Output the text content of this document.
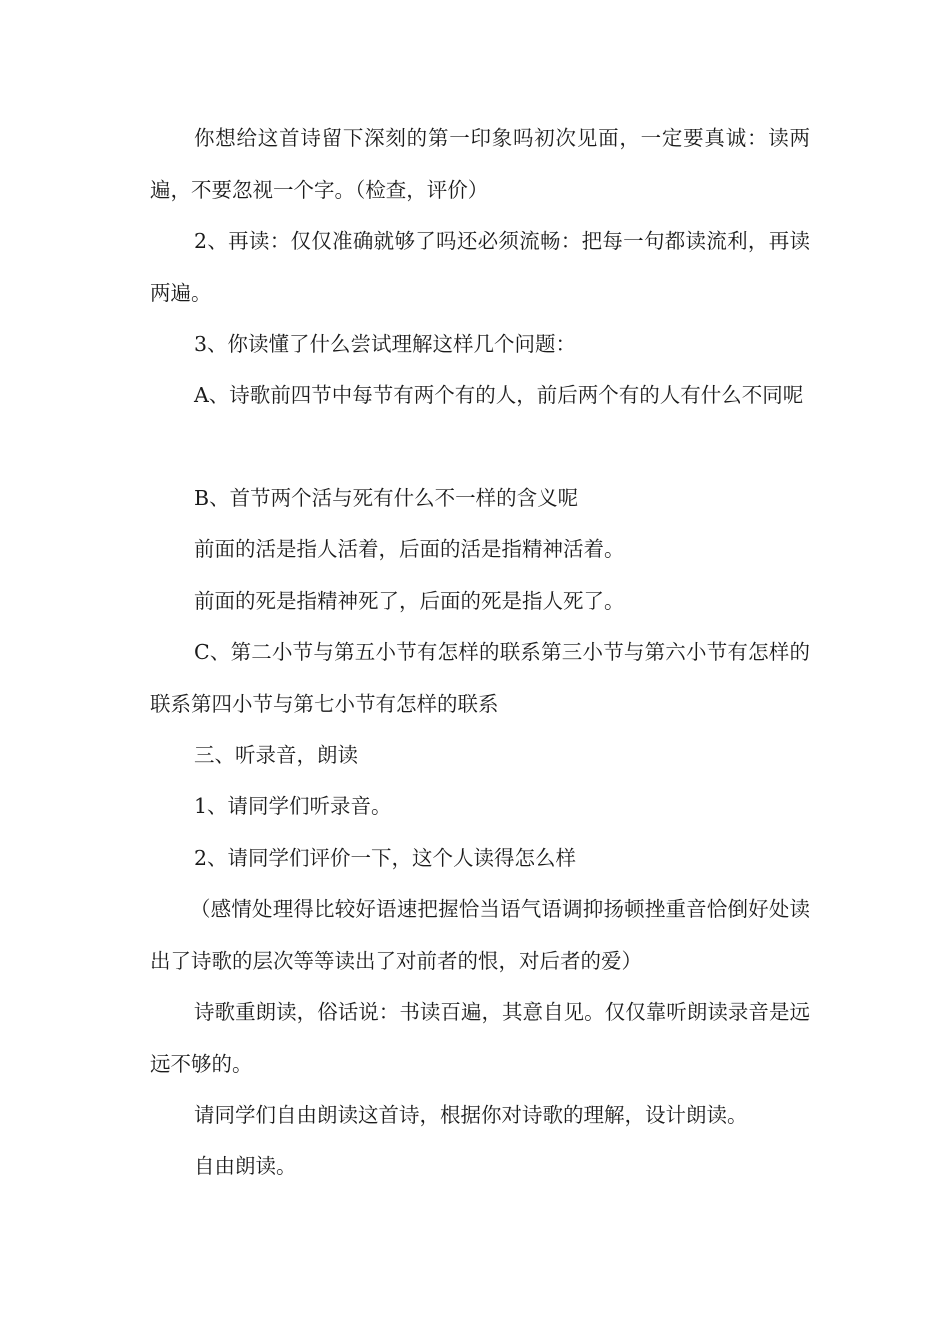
你想给这首诗留下深刻的第一印象吗初次见面，一定要真诚：读两遍，不要忽视一个字。（检查，评价）

2、再读：仅仅准确就够了吗还必须流畅：把每一句都读流利，再读两遍。

3、你读懂了什么尝试理解这样几个问题：

A、诗歌前四节中每节有两个有的人，前后两个有的人有什么不同呢

B、首节两个活与死有什么不一样的含义呢

前面的活是指人活着，后面的活是指精神活着。

前面的死是指精神死了，后面的死是指人死了。

C、第二小节与第五小节有怎样的联系第三小节与第六小节有怎样的联系第四小节与第七小节有怎样的联系

三、听录音，朗读

1、请同学们听录音。

2、请同学们评价一下，这个人读得怎么样

（感情处理得比较好语速把握恰当语气语调抑扬顿挫重音恰倒好处读出了诗歌的层次等等读出了对前者的恨，对后者的爱）

诗歌重朗读，俗话说：书读百遍，其意自见。仅仅靠听朗读录音是远远不够的。

请同学们自由朗读这首诗，根据你对诗歌的理解，设计朗读。

自由朗读。
